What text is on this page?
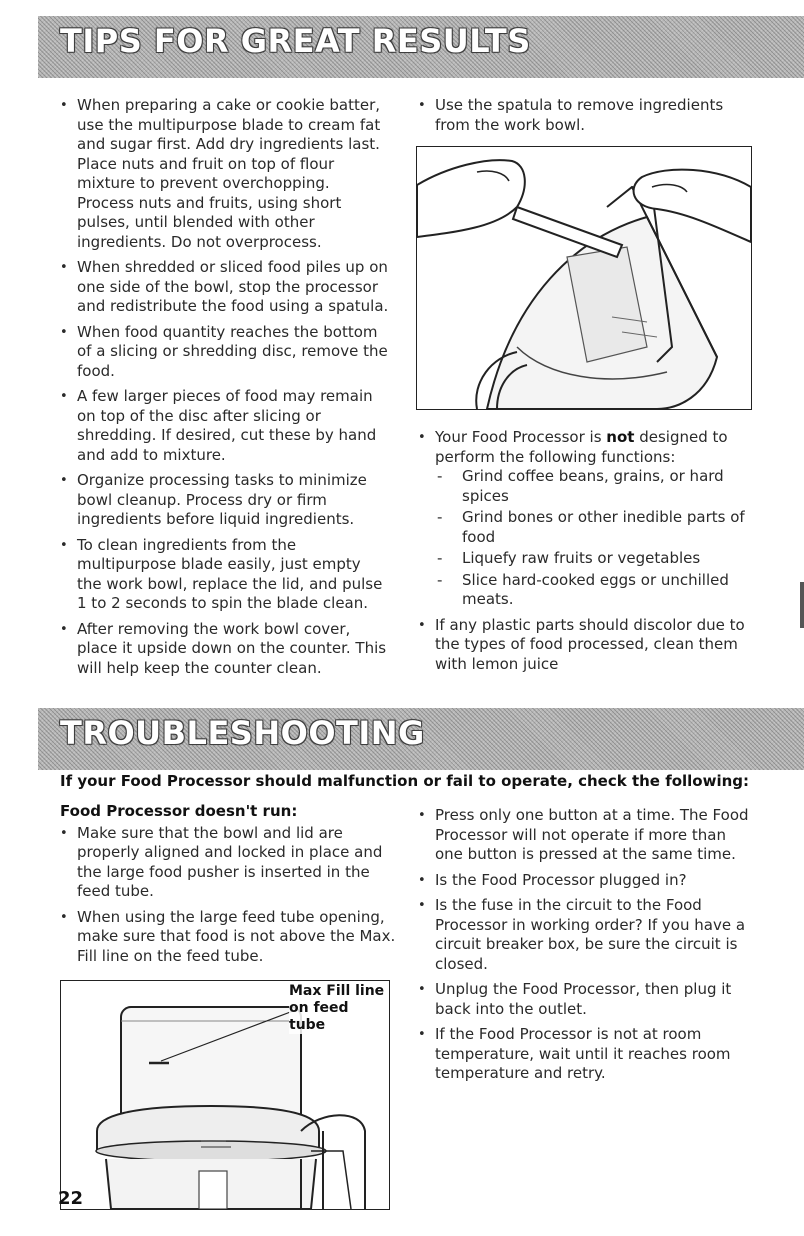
TIPS FOR GREAT RESULTS
• When preparing a cake or cookie batter, use the multipurpose blade to cream fat and sugar first. Add dry ingredients last. Place nuts and fruit on top of flour mixture to prevent overchopping. Process nuts and fruits, using short pulses, until blended with other ingredients. Do not overprocess.
• When shredded or sliced food piles up on one side of the bowl, stop the processor and redistribute the food using a spatula.
• When food quantity reaches the bottom of a slicing or shredding disc, remove the food.
• A few larger pieces of food may remain on top of the disc after slicing or shredding. If desired, cut these by hand and add to mixture.
• Organize processing tasks to minimize bowl cleanup. Process dry or firm ingredients before liquid ingredients.
• To clean ingredients from the multipurpose blade easily, just empty the work bowl, replace the lid, and pulse 1 to 2 seconds to spin the blade clean.
• After removing the work bowl cover, place it upside down on the counter. This will help keep the counter clean.
• Use the spatula to remove ingredients from the work bowl.
• Your Food Processor is not designed to perform the following functions:
- Grind coffee beans, grains, or hard spices
- Grind bones or other inedible parts of food
- Liquefy raw fruits or vegetables
- Slice hard-cooked eggs or unchilled meats.
• If any plastic parts should discolor due to the types of food processed, clean them with lemon juice
TROUBLESHOOTING
If your Food Processor should malfunction or fail to operate, check the following:
Food Processor doesn't run:
• Make sure that the bowl and lid are properly aligned and locked in place and the large food pusher is inserted in the feed tube.
• When using the large feed tube opening, make sure that food is not above the Max. Fill line on the feed tube.
Max Fill line
on feed tube
• Press only one button at a time. The Food Processor will not operate if more than one button is pressed at the same time.
• Is the Food Processor plugged in?
• Is the fuse in the circuit to the Food Processor in working order? If you have a circuit breaker box, be sure the circuit is closed.
• Unplug the Food Processor, then plug it back into the outlet.
• If the Food Processor is not at room temperature, wait until it reaches room temperature and retry.
22
